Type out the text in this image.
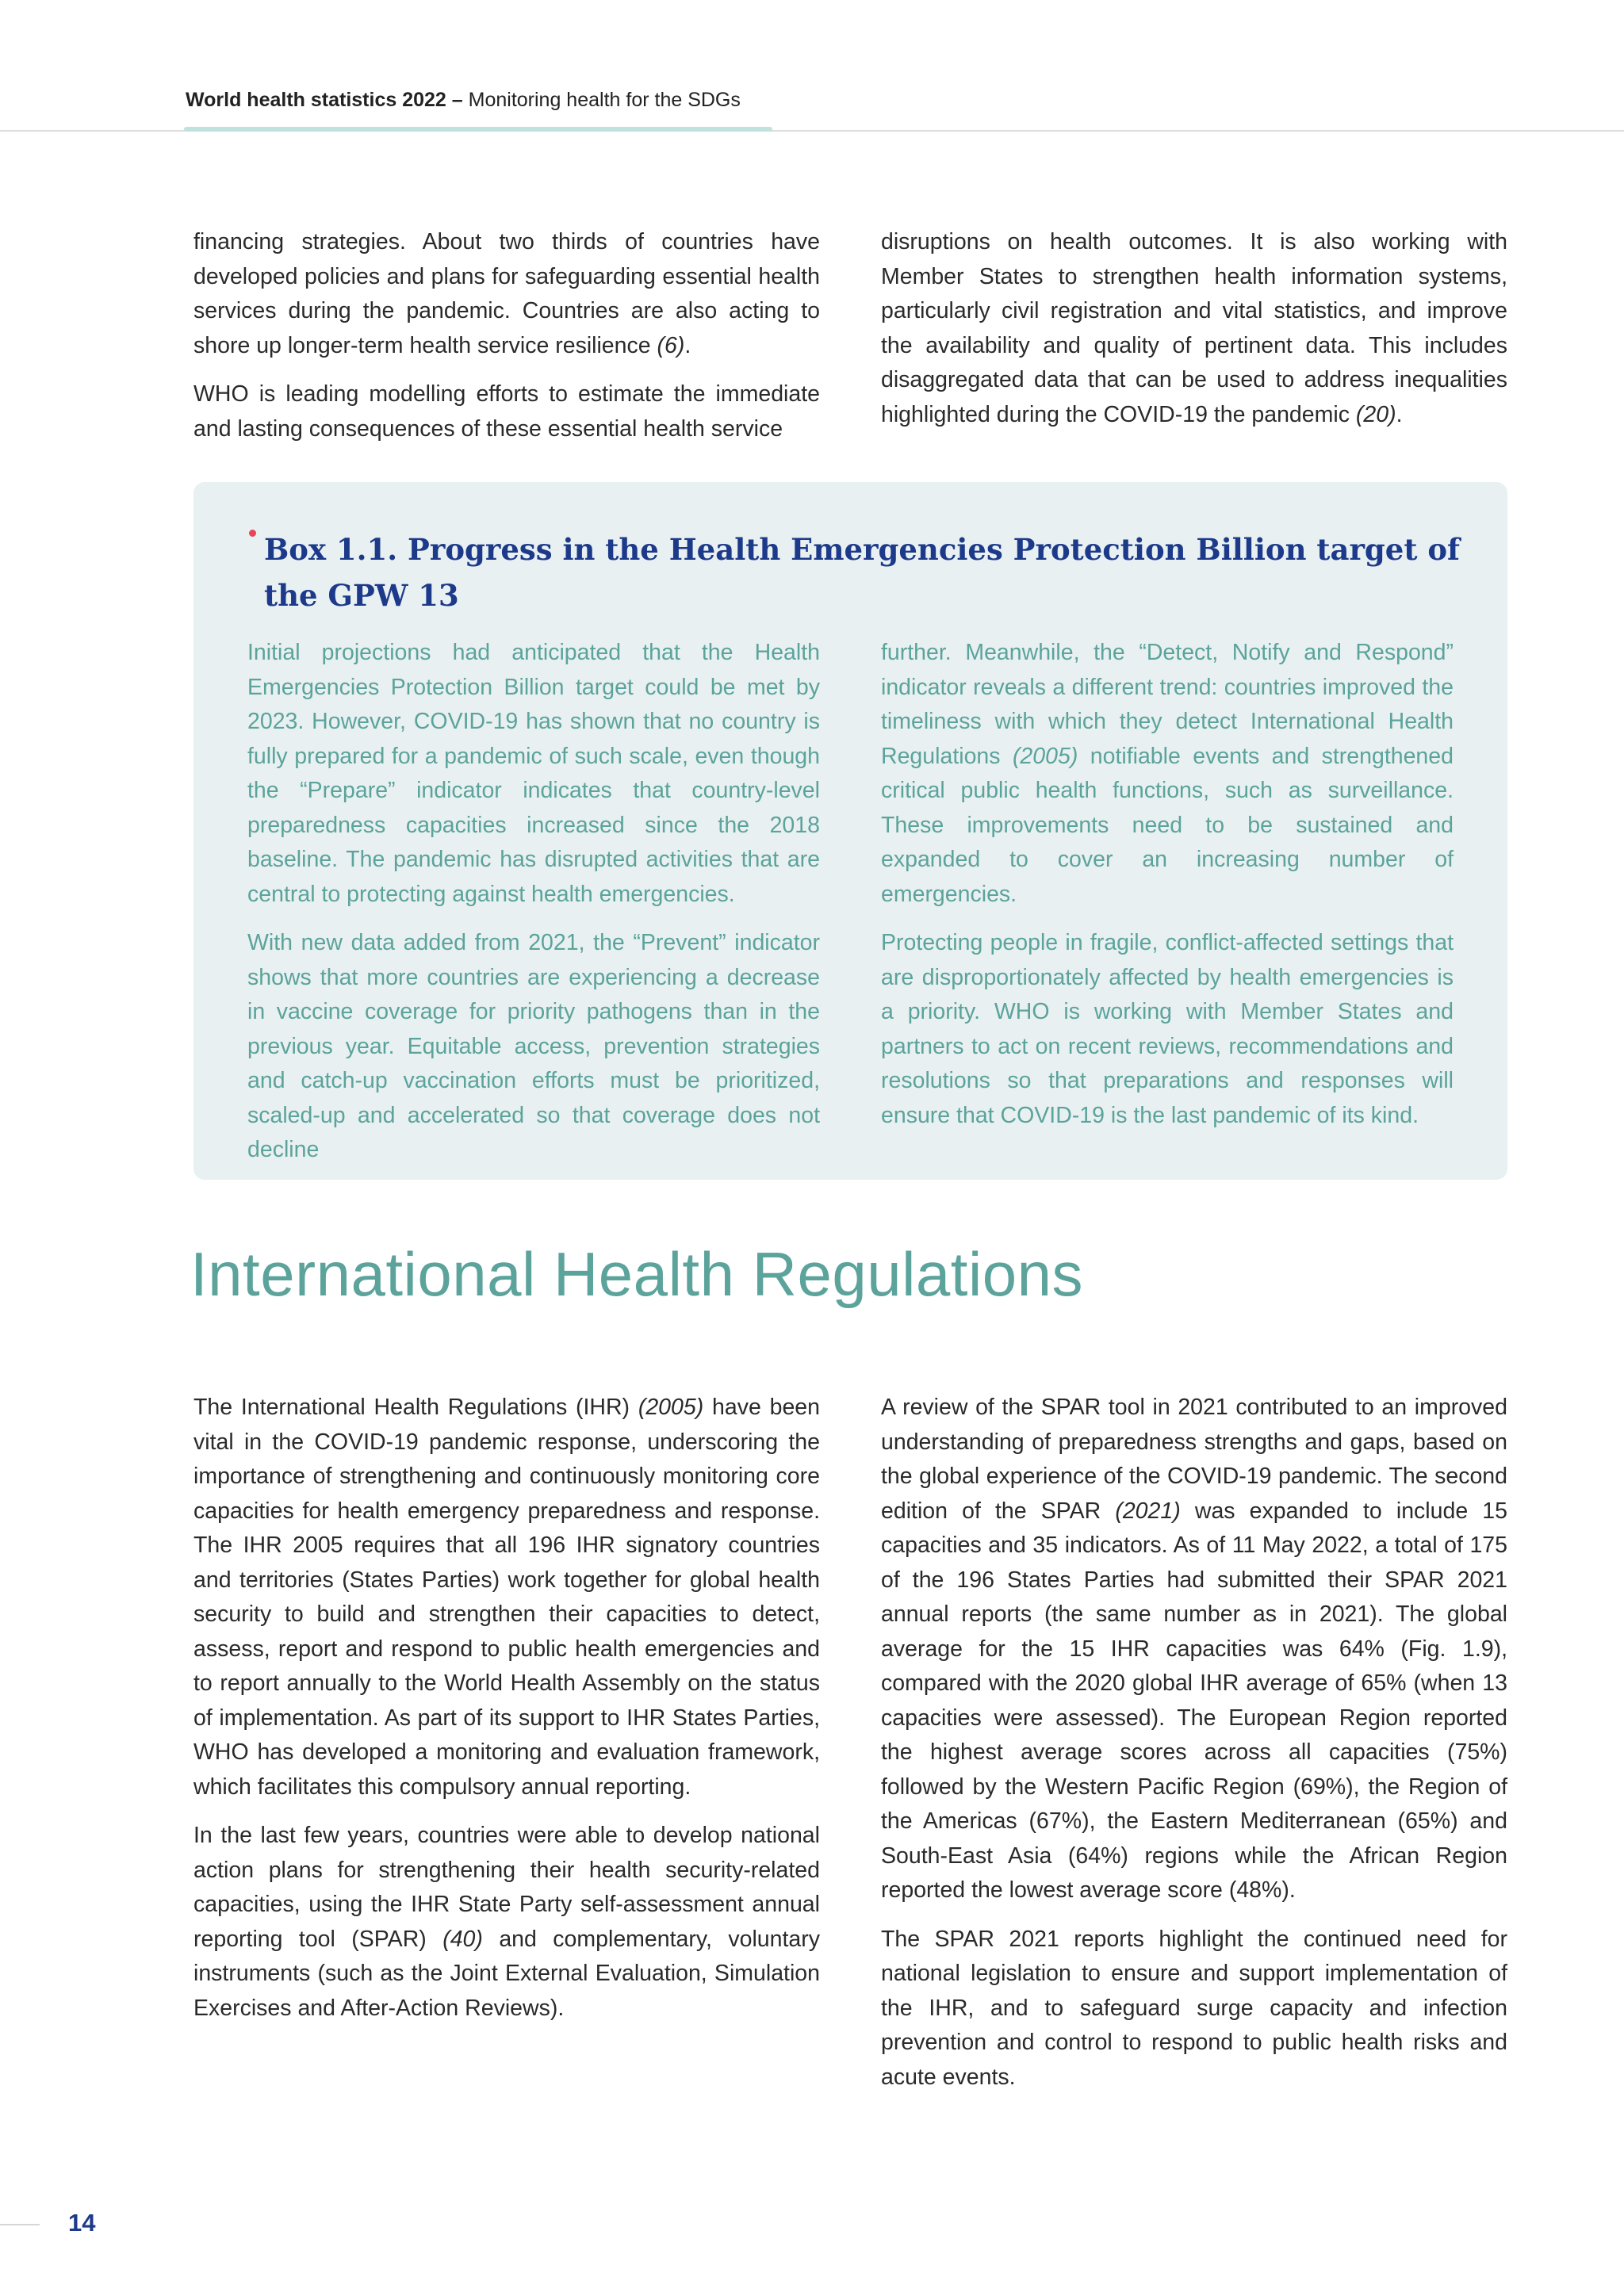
World health statistics 2022 – Monitoring health for the SDGs

financing strategies. About two thirds of countries have developed policies and plans for safeguarding essential health services during the pandemic. Countries are also acting to shore up longer-term health service resilience (6).

WHO is leading modelling efforts to estimate the immediate and lasting consequences of these essential health service

disruptions on health outcomes. It is also working with Member States to strengthen health information systems, particularly civil registration and vital statistics, and improve the availability and quality of pertinent data. This includes disaggregated data that can be used to address inequalities highlighted during the COVID-19 the pandemic (20).

Box 1.1. Progress in the Health Emergencies Protection Billion target of the GPW 13

Initial projections had anticipated that the Health Emergencies Protection Billion target could be met by 2023. However, COVID-19 has shown that no country is fully prepared for a pandemic of such scale, even though the “Prepare” indicator indicates that country-level preparedness capacities increased since the 2018 baseline. The pandemic has disrupted activities that are central to protecting against health emergencies.

With new data added from 2021, the “Prevent” indicator shows that more countries are experiencing a decrease in vaccine coverage for priority pathogens than in the previous year. Equitable access, prevention strategies and catch-up vaccination efforts must be prioritized, scaled-up and accelerated so that coverage does not decline

further. Meanwhile, the “Detect, Notify and Respond” indicator reveals a different trend: countries improved the timeliness with which they detect International Health Regulations (2005) notifiable events and strengthened critical public health functions, such as surveillance. These improvements need to be sustained and expanded to cover an increasing number of emergencies.

Protecting people in fragile, conflict-affected settings that are disproportionately affected by health emergencies is a priority. WHO is working with Member States and partners to act on recent reviews, recommendations and resolutions so that preparations and responses will ensure that COVID-19 is the last pandemic of its kind.

International Health Regulations

The International Health Regulations (IHR) (2005) have been vital in the COVID-19 pandemic response, underscoring the importance of strengthening and continuously monitoring core capacities for health emergency preparedness and response. The IHR 2005 requires that all 196 IHR signatory countries and territories (States Parties) work together for global health security to build and strengthen their capacities to detect, assess, report and respond to public health emergencies and to report annually to the World Health Assembly on the status of implementation. As part of its support to IHR States Parties, WHO has developed a monitoring and evaluation framework, which facilitates this compulsory annual reporting.

In the last few years, countries were able to develop national action plans for strengthening their health security-related capacities, using the IHR State Party self-assessment annual reporting tool (SPAR) (40) and complementary, voluntary instruments (such as the Joint External Evaluation, Simulation Exercises and After-Action Reviews).

A review of the SPAR tool in 2021 contributed to an improved understanding of preparedness strengths and gaps, based on the global experience of the COVID-19 pandemic. The second edition of the SPAR (2021) was expanded to include 15 capacities and 35 indicators. As of 11 May 2022, a total of 175 of the 196 States Parties had submitted their SPAR 2021 annual reports (the same number as in 2021). The global average for the 15 IHR capacities was 64% (Fig. 1.9), compared with the 2020 global IHR average of 65% (when 13 capacities were assessed). The European Region reported the highest average scores across all capacities (75%) followed by the Western Pacific Region (69%), the Region of the Americas (67%), the Eastern Mediterranean (65%) and South-East Asia (64%) regions while the African Region reported the lowest average score (48%).

The SPAR 2021 reports highlight the continued need for national legislation to ensure and support implementation of the IHR, and to safeguard surge capacity and infection prevention and control to respond to public health risks and acute events.

14
